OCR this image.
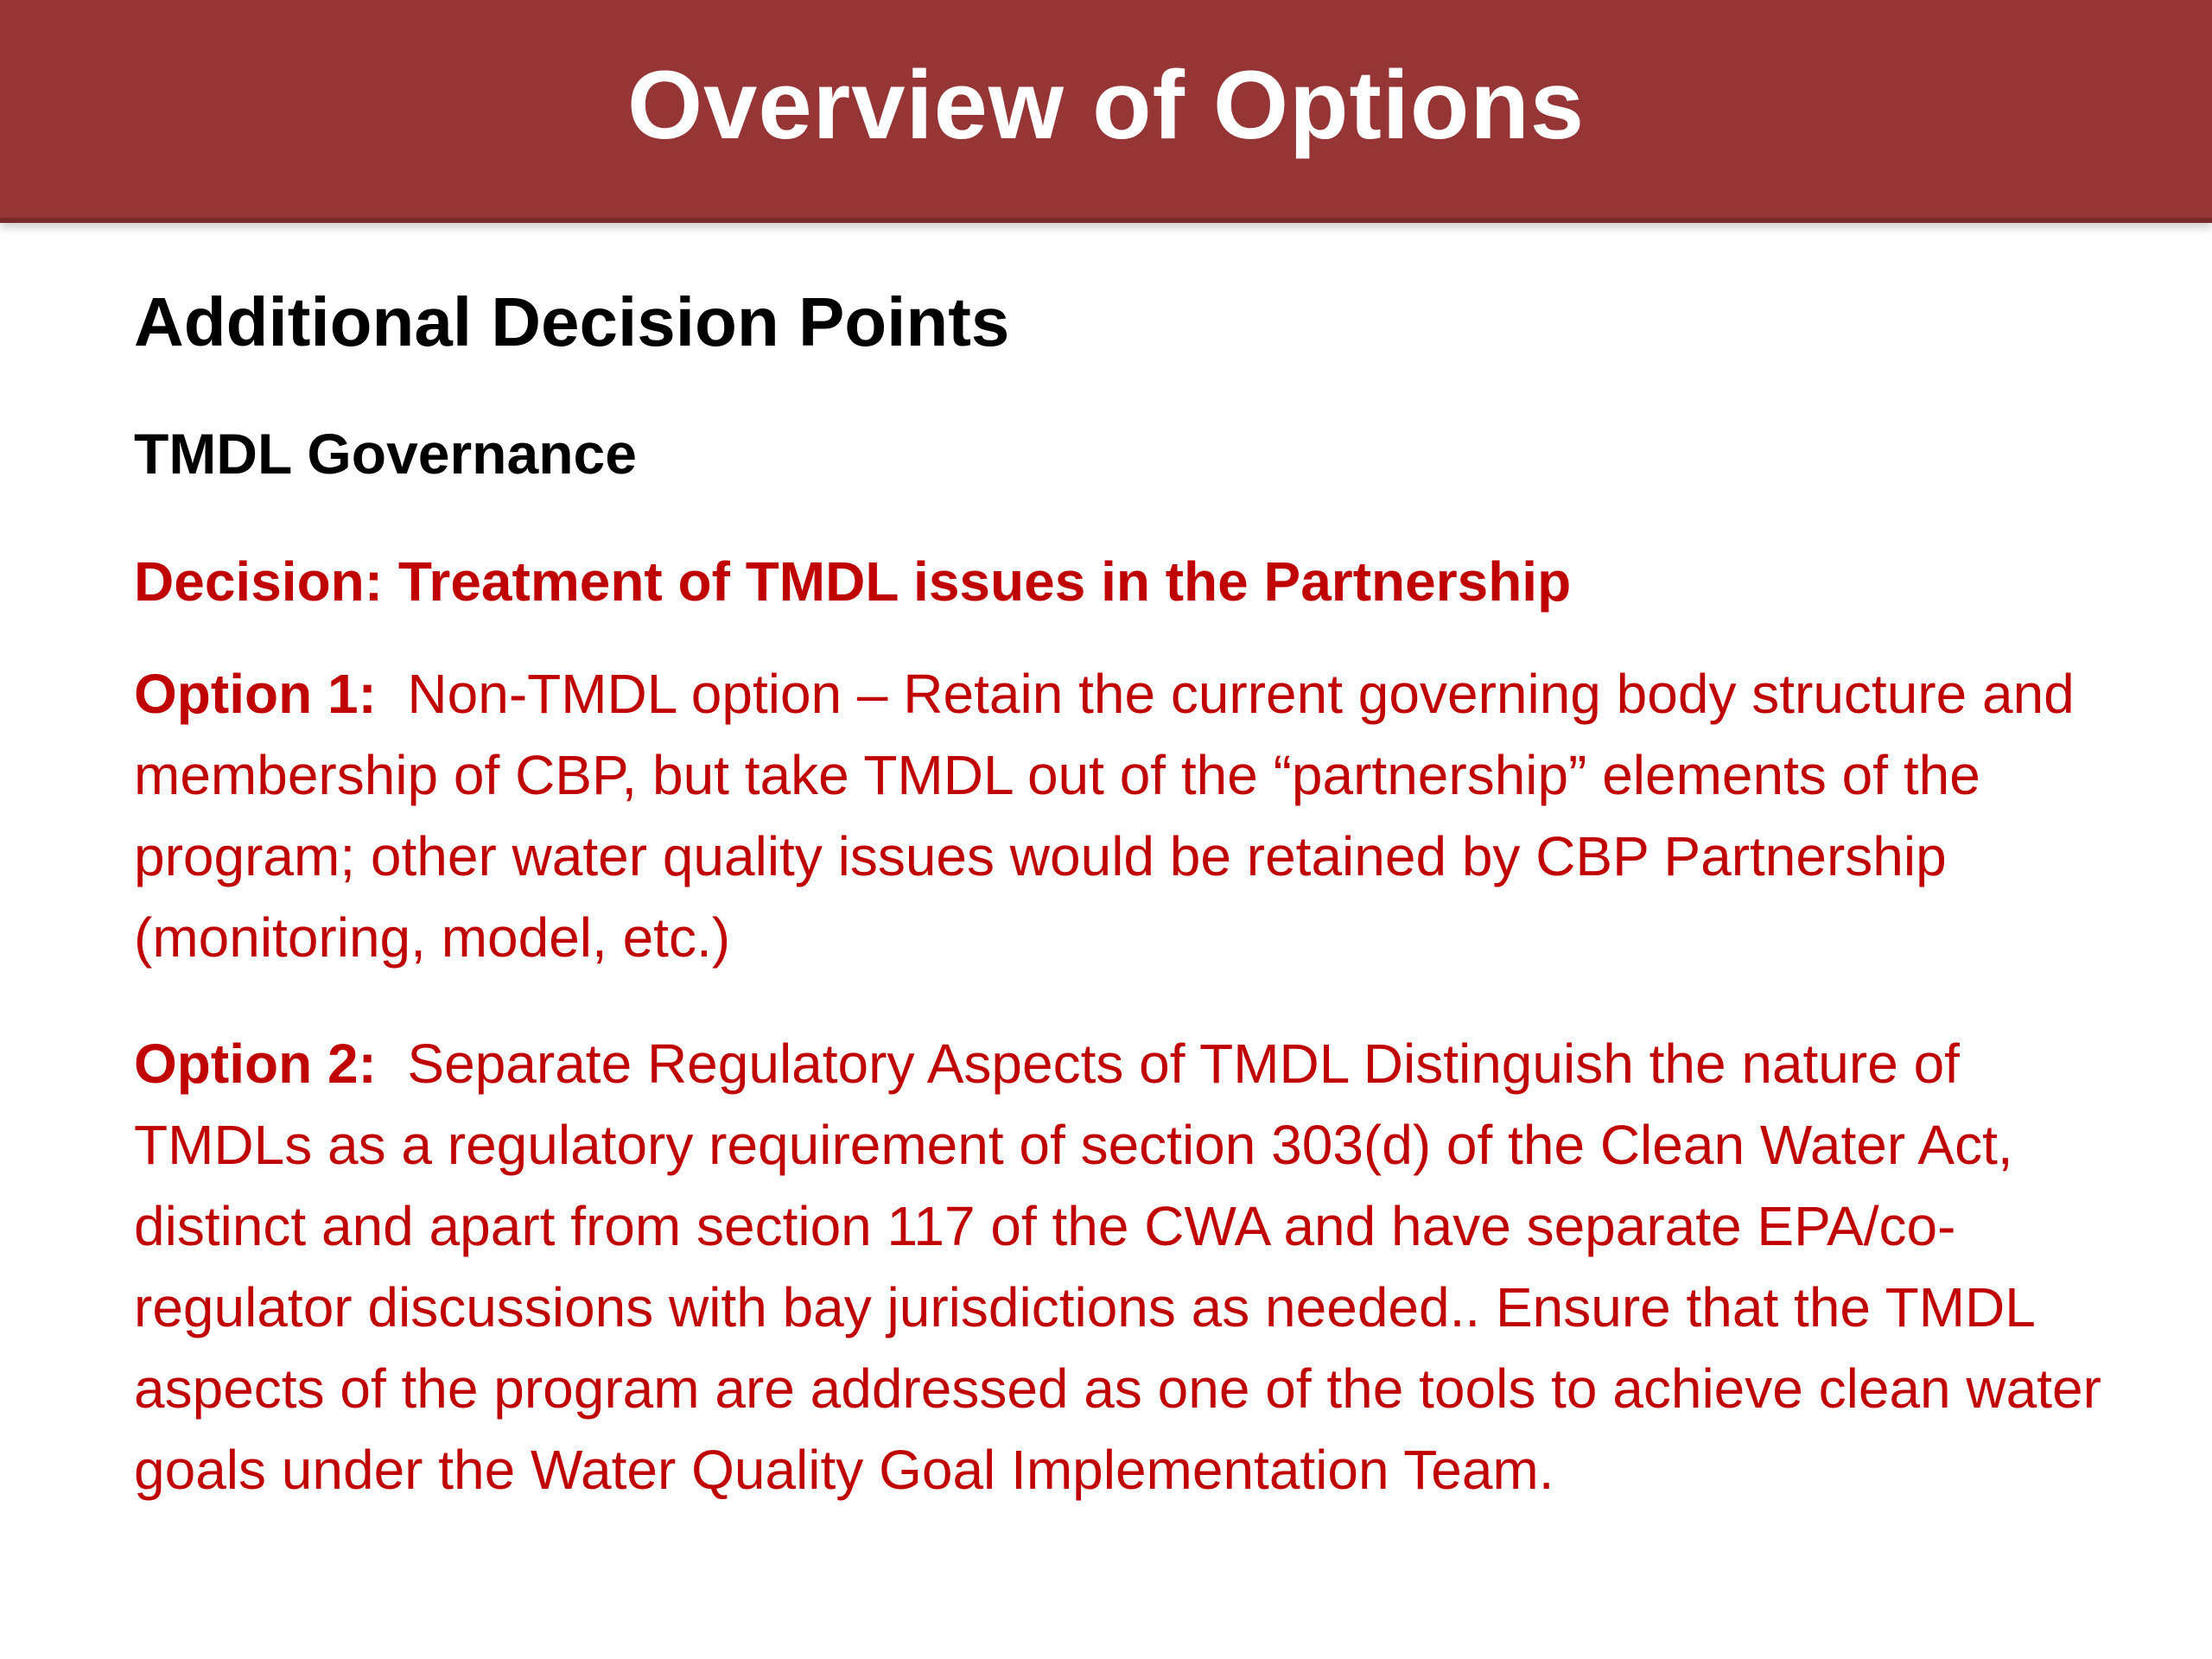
Overview of Options

Additional Decision Points

TMDL Governance

Decision: Treatment of TMDL issues in the Partnership

Option 1: Non-TMDL option – Retain the current governing body structure and membership of CBP, but take TMDL out of the “partnership” elements of the program; other water quality issues would be retained by CBP Partnership (monitoring, model, etc.)

Option 2: Separate Regulatory Aspects of TMDL Distinguish the nature of TMDLs as a regulatory requirement of section 303(d) of the Clean Water Act, distinct and apart from section 117 of the CWA and have separate EPA/co-regulator discussions with bay jurisdictions as needed.. Ensure that the TMDL aspects of the program are addressed as one of the tools to achieve clean water goals under the Water Quality Goal Implementation Team.
